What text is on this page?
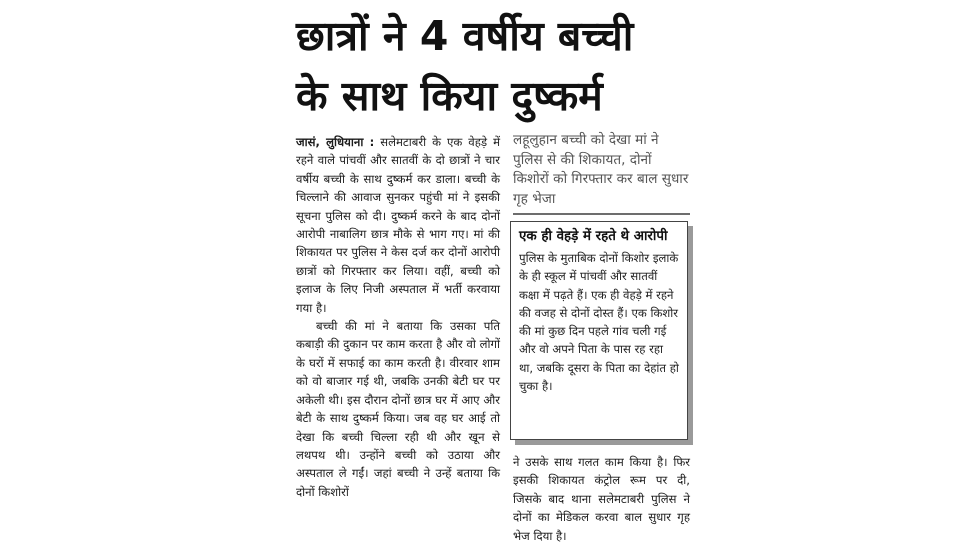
छात्रों ने 4 वर्षीय बच्ची के साथ किया दुष्कर्म

जासं, लुधियाना : सलेमटाबरी के एक वेहड़े में रहने वाले पांचवीं और सातवीं के दो छात्रों ने चार वर्षीय बच्ची के साथ दुष्कर्म कर डाला। बच्ची के चिल्लाने की आवाज सुनकर पहुंची मां ने इसकी सूचना पुलिस को दी। दुष्कर्म करने के बाद दोनों आरोपी नाबालिग छात्र मौके से भाग गए। मां की शिकायत पर पुलिस ने केस दर्ज कर दोनों आरोपी छात्रों को गिरफ्तार कर लिया। वहीं, बच्ची को इलाज के लिए निजी अस्पताल में भर्ती करवाया गया है।

बच्ची की मां ने बताया कि उसका पति कबाड़ी की दुकान पर काम करता है और वो लोगों के घरों में सफाई का काम करती है। वीरवार शाम को वो बाजार गई थी, जबकि उनकी बेटी घर पर अकेली थी। इस दौरान दोनों छात्र घर में आए और बेटी के साथ दुष्कर्म किया। जब वह घर आई तो देखा कि बच्ची चिल्ला रही थी और खून से लथपथ थी। उन्होंने बच्ची को उठाया और अस्पताल ले गईं। जहां बच्ची ने उन्हें बताया कि दोनों किशोरों

लहूलुहान बच्ची को देखा मां ने पुलिस से की शिकायत, दोनों किशोरों को गिरफ्तार कर बाल सुधार गृह भेजा

एक ही वेहड़े में रहते थे आरोपी

पुलिस के मुताबिक दोनों किशोर इलाके के ही स्कूल में पांचवीं और सातवीं कक्षा में पढ़ते हैं। एक ही वेहड़े में रहने की वजह से दोनों दोस्त हैं। एक किशोर की मां कुछ दिन पहले गांव चली गई और वो अपने पिता के पास रह रहा था, जबकि दूसरा के पिता का देहांत हो चुका है।

ने उसके साथ गलत काम किया है। फिर इसकी शिकायत कंट्रोल रूम पर दी, जिसके बाद थाना सलेमटाबरी पुलिस ने दोनों का मेडिकल करवा बाल सुधार गृह भेज दिया है।
